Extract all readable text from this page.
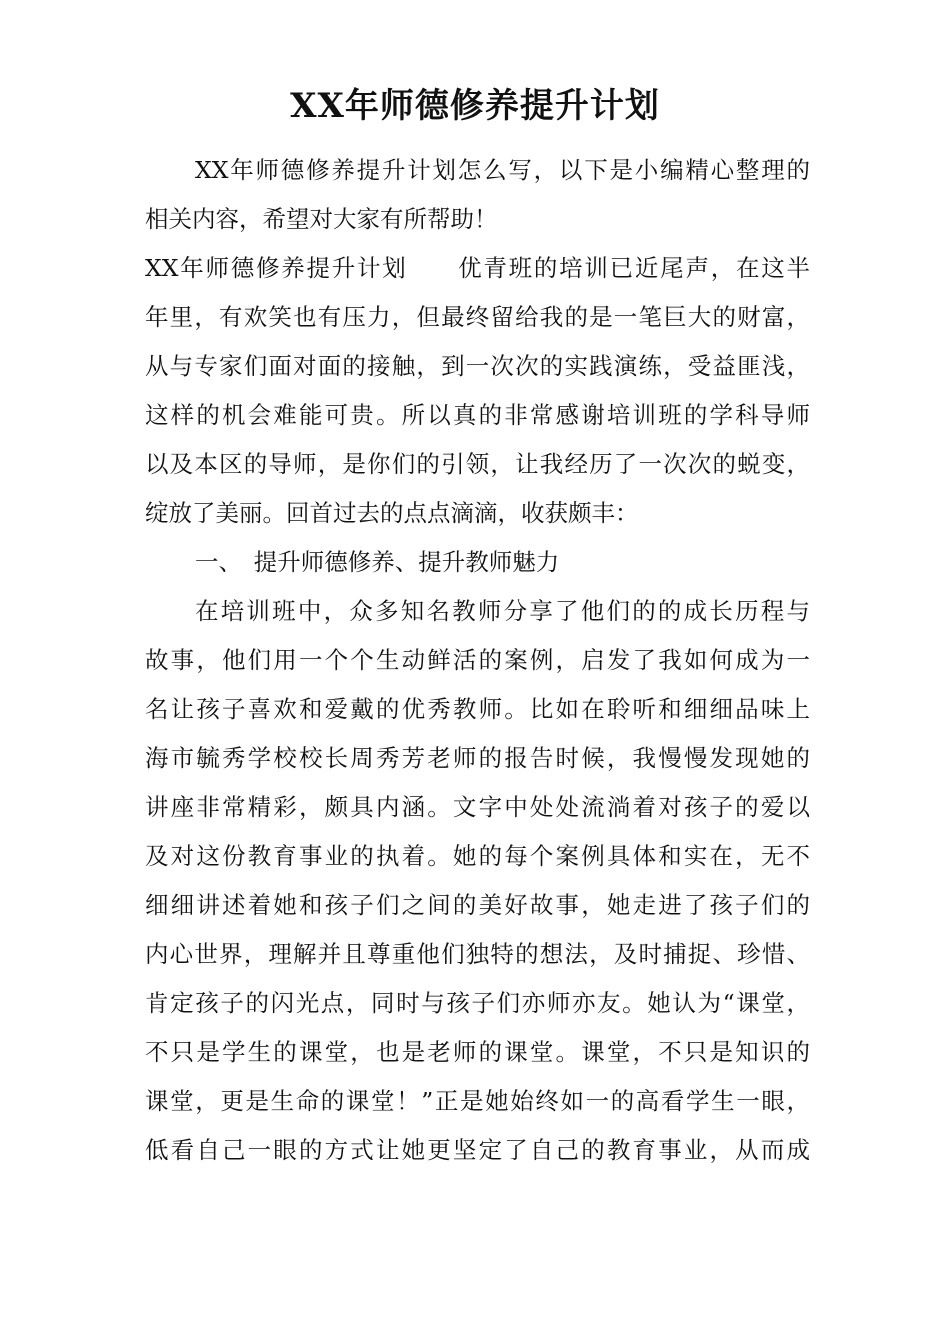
XX年师德修养提升计划
XX年师德修养提升计划怎么写，以下是小编精心整理的
相关内容，希望对大家有所帮助！
XX年师德修养提升计划　　优青班的培训已近尾声，在这半
年里，有欢笑也有压力，但最终留给我的是一笔巨大的财富，
从与专家们面对面的接触，到一次次的实践演练，受益匪浅，
这样的机会难能可贵。所以真的非常感谢培训班的学科导师
以及本区的导师，是你们的引领，让我经历了一次次的蜕变，
绽放了美丽。回首过去的点点滴滴，收获颇丰：
一、　提升师德修养、提升教师魅力
在培训班中，众多知名教师分享了他们的的成长历程与
故事，他们用一个个生动鲜活的案例，启发了我如何成为一
名让孩子喜欢和爱戴的优秀教师。比如在聆听和细细品味上
海市毓秀学校校长周秀芳老师的报告时候，我慢慢发现她的
讲座非常精彩，颇具内涵。文字中处处流淌着对孩子的爱以
及对这份教育事业的执着。她的每个案例具体和实在，无不
细细讲述着她和孩子们之间的美好故事，她走进了孩子们的
内心世界，理解并且尊重他们独特的想法，及时捕捉、珍惜、
肯定孩子的闪光点，同时与孩子们亦师亦友。她认为“课堂，
不只是学生的课堂，也是老师的课堂。课堂，不只是知识的
课堂，更是生命的课堂！”正是她始终如一的高看学生一眼，
低看自己一眼的方式让她更坚定了自己的教育事业，从而成
